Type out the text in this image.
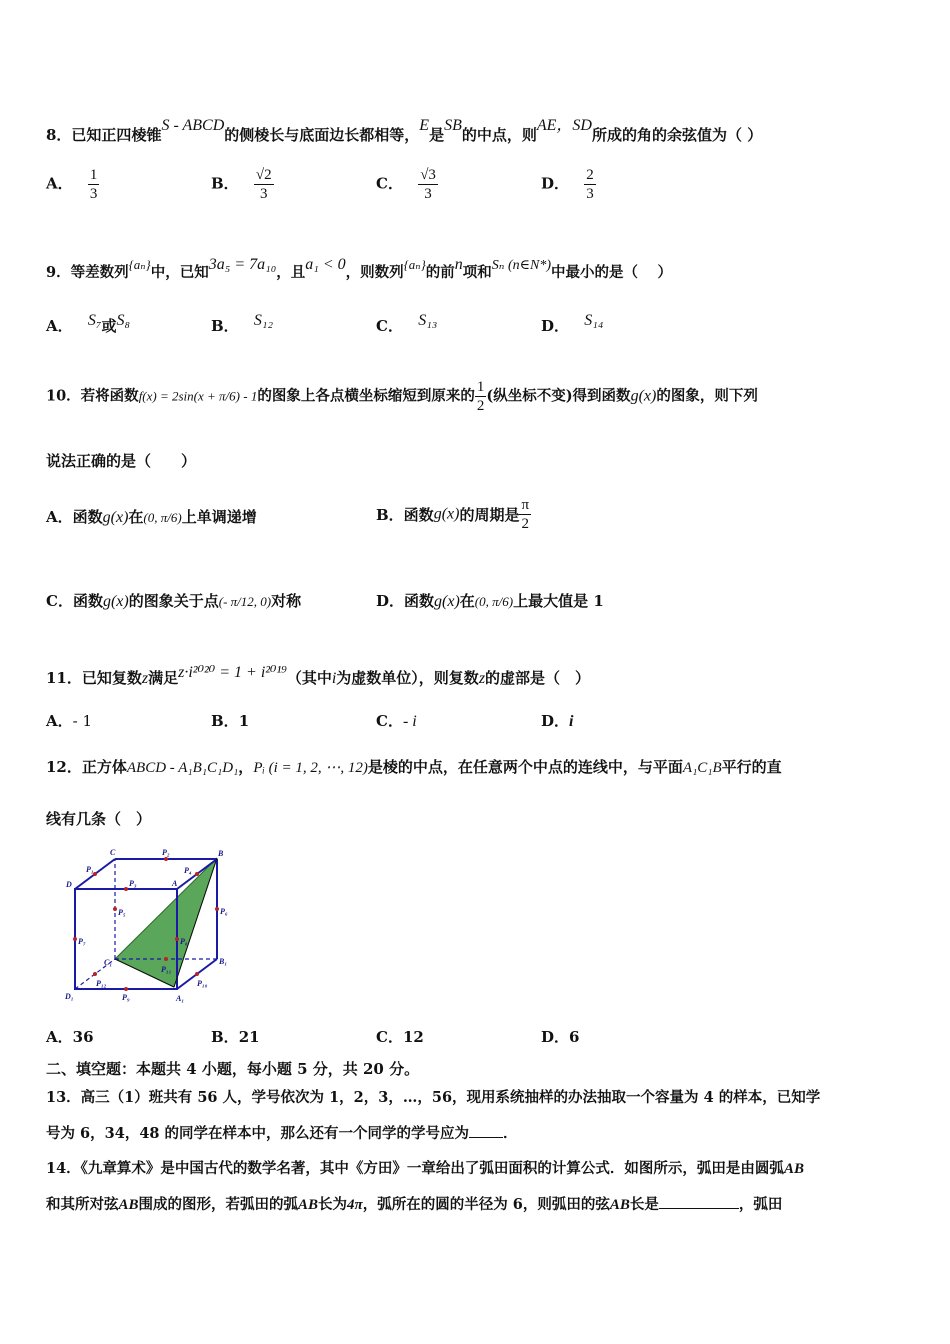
8．已知正四棱锥S - ABCD的侧棱长与底面边长都相等，E是SB的中点，则AE，SD所成的角的余弦值为（ ）
A． $\frac{1}{3}$	B． $\frac{√2}{3}$	C． $\frac{√3}{3}$	D． $\frac{2}{3}$
9．等差数列{aₙ}中，已知3a₅ = 7a₁₀，且a₁ < 0，则数列{aₙ}的前n项和Sₙ (n∈N*)中最小的是（　 ）
A． S₇或S₈	B． S₁₂	C． S₁₃	D． S₁₄
10．若将函数f(x) = 2sin(x + π/6) - 1的图象上各点横坐标缩短到原来的 $\frac{1}{2}$ (纵坐标不变)得到函数g(x)的图象，则下列
说法正确的是（　　）
A．函数g(x)在(0, π/6)上单调递增	B．函数g(x)的周期是 $\frac{\pi}{2}$
C．函数g(x)的图象关于点(- π/12, 0)对称	D．函数g(x)在(0, π/6)上最大值是 1
11．已知复数z满足z·i²⁰²⁰ = 1 + i²⁰¹⁹（其中i为虚数单位），则复数z的虚部是（　）
A．- 1	B．1	C．- i	D．i
12．正方体ABCD - A₁B₁C₁D₁，Pᵢ (i = 1, 2, ⋯, 12)是棱的中点，在任意两个中点的连线中，与平面A₁C₁B平行的直
线有几条（　）
C	B
D	A
C₁	B₁
D₁	A₁
P₁
P₂
P₃
P₄
P₅	P₆
P₇	P₈
P₉
P₁₀
P₁₁
P₁₂
A．36	B．21	C．12	D．6
二、填空题：本题共 4 小题，每小题 5 分，共 20 分。
13．高三（1）班共有 56 人，学号依次为 1，2，3，…，56，现用系统抽样的办法抽取一个容量为 4 的样本，已知学
号为 6，34，48 的同学在样本中，那么还有一个同学的学号应为 ．
14．《九章算术》是中国古代的数学名著，其中《方田》一章给出了弧田面积的计算公式．如图所示，弧田是由圆弧AB
和其所对弦AB围成的图形，若弧田的弧AB长为4π，弧所在的圆的半径为 6，则弧田的弦AB长是	，弧田
